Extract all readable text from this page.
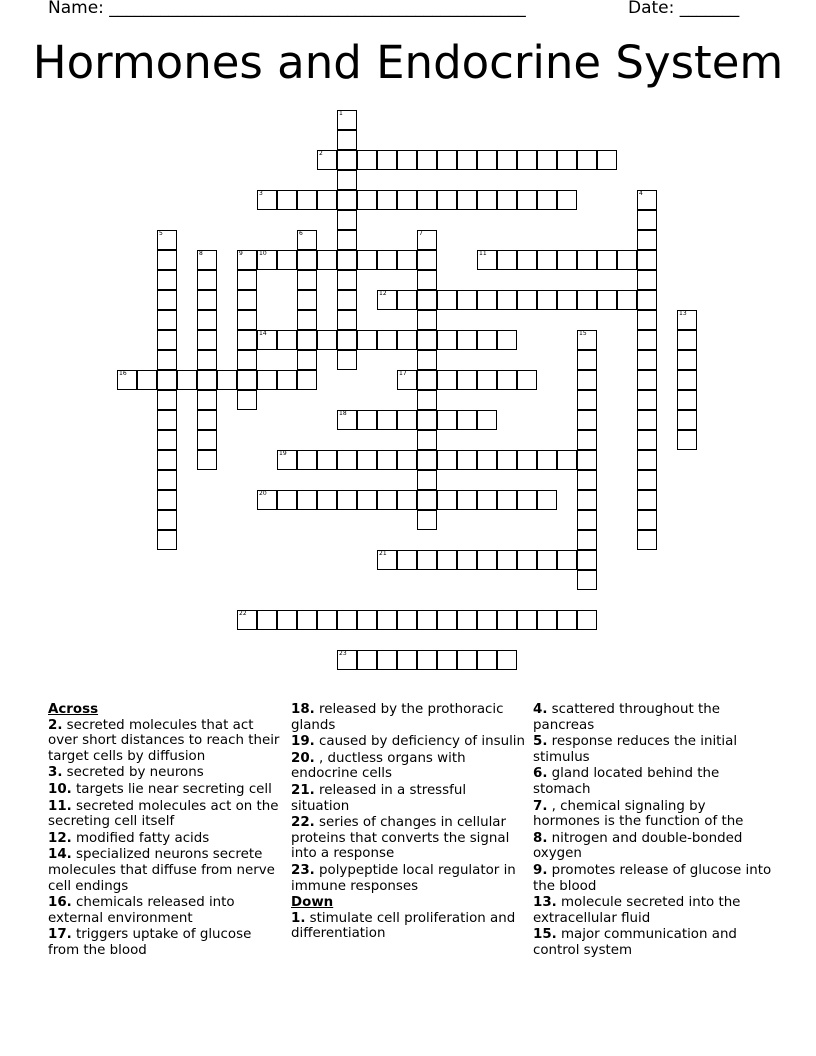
Name: _________________________________________________	Date: _______
Hormones and Endocrine System
1
2
3	4
5	6	7
8	9	10	11
12
13
14	15
16	17
18
19
20
21
22
23
Across
2. secreted molecules that act over short distances to reach their target cells by diffusion
3. secreted by neurons
10. targets lie near secreting cell
11. secreted molecules act on the secreting cell itself
12. modified fatty acids
14. specialized neurons secrete molecules that diffuse from nerve cell endings
16. chemicals released into external environment
17. triggers uptake of glucose from the blood
18. released by the prothoracic glands
19. caused by deficiency of insulin
20. , ductless organs with endocrine cells
21. released in a stressful situation
22. series of changes in cellular proteins that converts the signal into a response
23. polypeptide local regulator in immune responses
Down
1. stimulate cell proliferation and differentiation
4. scattered throughout the pancreas
5. response reduces the initial stimulus
6. gland located behind the stomach
7. , chemical signaling by hormones is the function of the
8. nitrogen and double-bonded oxygen
9. promotes release of glucose into the blood
13. molecule secreted into the extracellular fluid
15. major communication and control system
